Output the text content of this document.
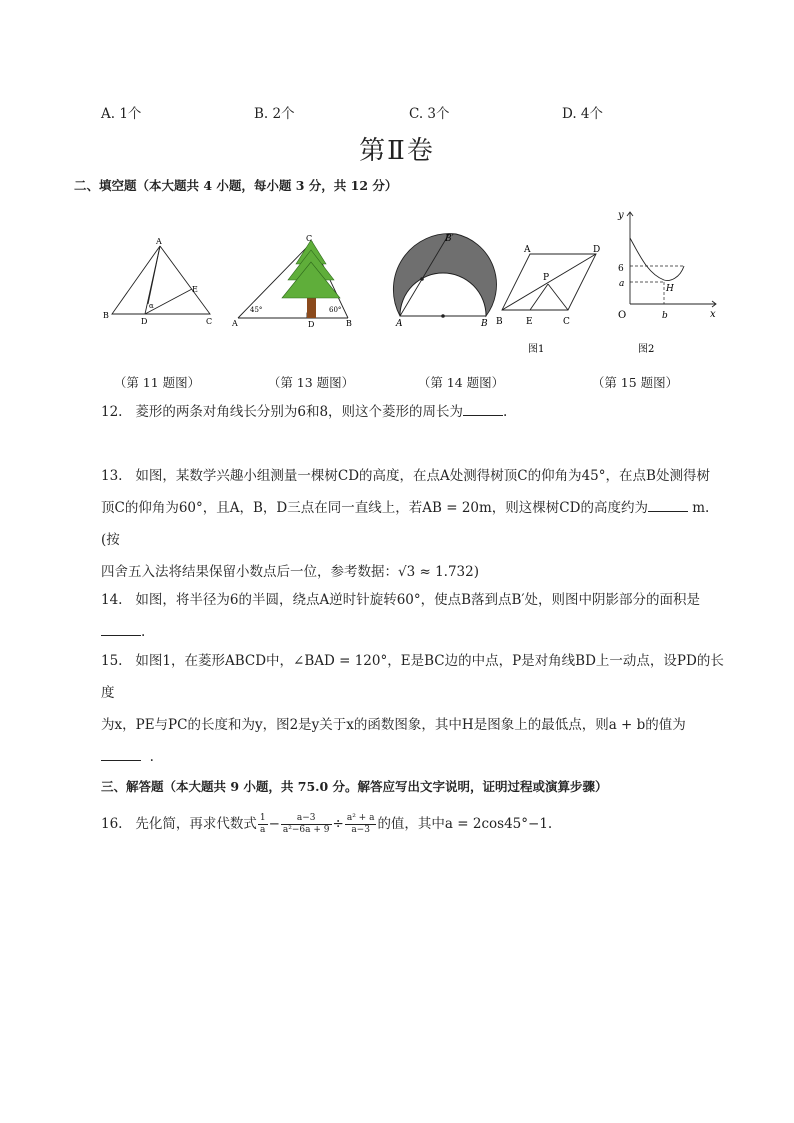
A. 1个	B. 2个	C. 3个	D. 4个
第Ⅱ卷
二、填空题（本大题共 4 小题，每小题 3 分，共 12 分）
A
B
C
D
E
α
C
A	B
D
45°	60°
A	B
B′
A
B	C
D
E
P
图1
y
x
O
6
a
b
H
图2
（第 11 题图）	（第 13 题图）	（第 14 题图）	（第 15 题图）
12. 菱形的两条对角线长分别为6和8，则这个菱形的周长为	.
13. 如图，某数学兴趣小组测量一棵树CD的高度，在点A处测得树顶C的仰角为45°，在点B处测得树
顶C的仰角为60°，且A，B，D三点在同一直线上，若AB = 20m，则这棵树CD的高度约为	m.(按
四舍五入法将结果保留小数点后一位，参考数据：√3 ≈ 1.732)
14. 如图，将半径为6的半圆，绕点A逆时针旋转60°，使点B落到点B′处，则图中阴影部分的面积是
.
15. 如图1，在菱形ABCD中，∠BAD = 120°，E是BC边的中点，P是对角线BD上一动点，设PD的长度
为x，PE与PC的长度和为y，图2是y关于x的函数图象，其中H是图象上的最低点，则a + b的值为
.
三、解答题（本大题共 9 小题，共 75.0 分。解答应写出文字说明，证明过程或演算步骤）
16. 先化简，再求代数式 $\frac{1}{a} - \frac{a-3}{\text{a²−6a + 9}} \div \frac{\text{a² + a}}{a-3}$ 的值，其中a = 2cos45°−1.
